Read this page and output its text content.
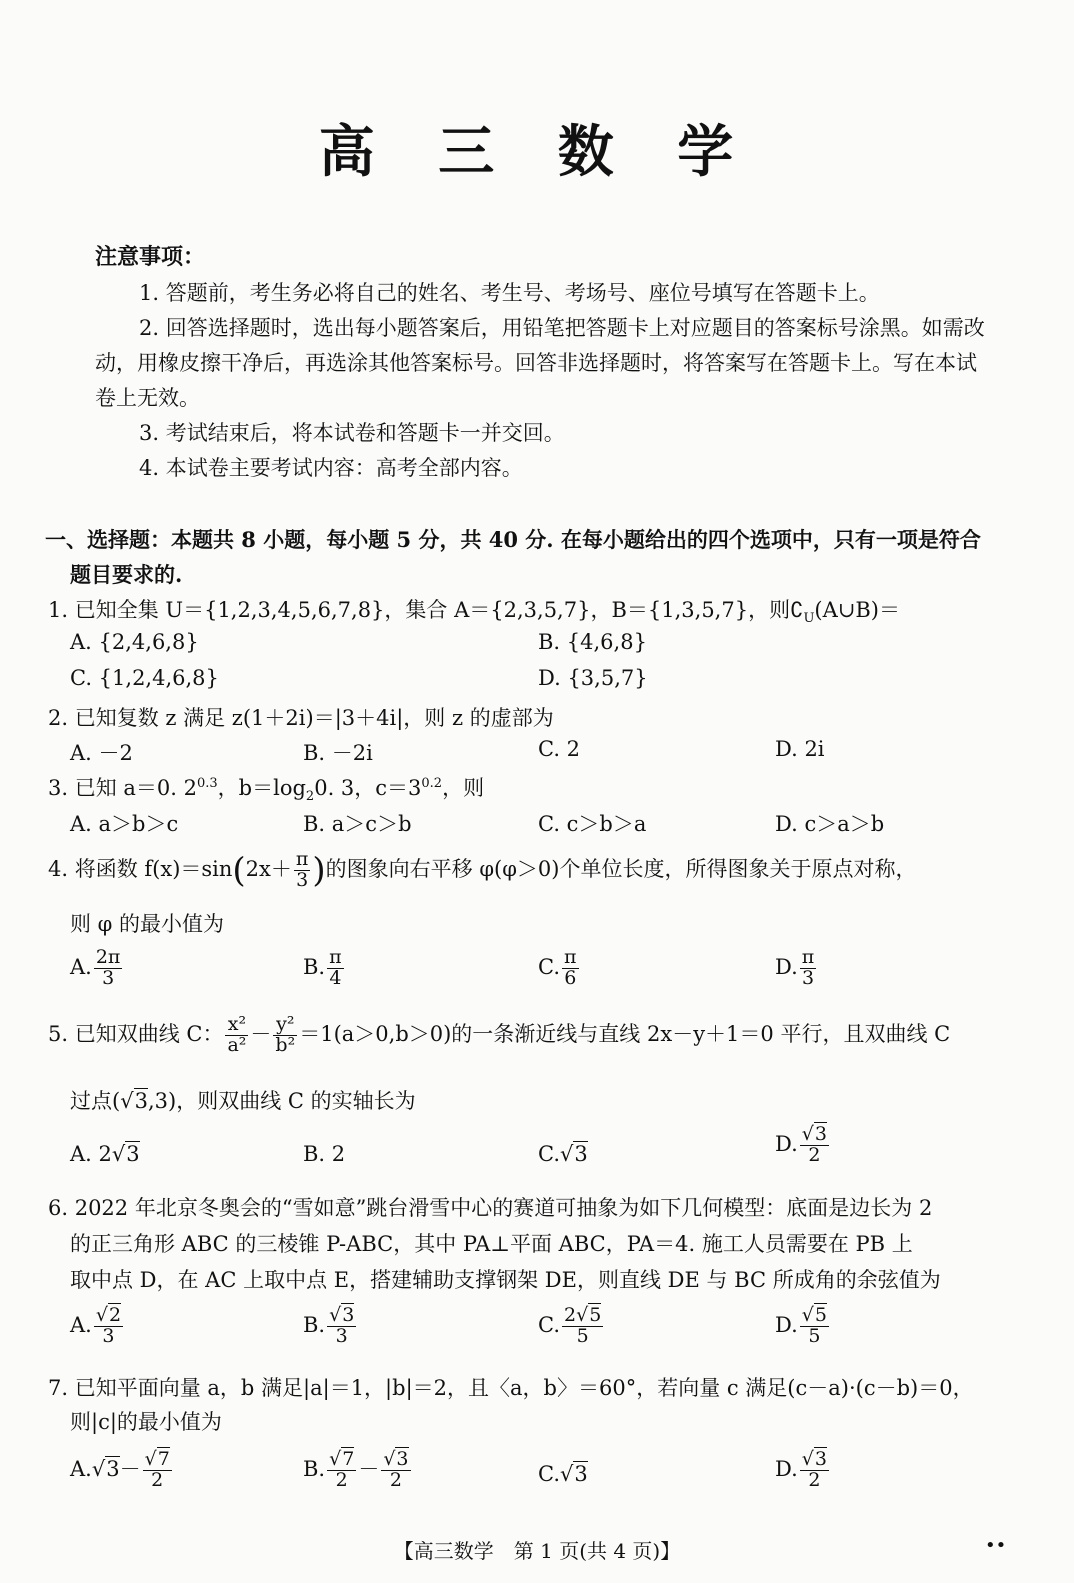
高 三 数 学
注意事项：
1. 答题前，考生务必将自己的姓名、考生号、考场号、座位号填写在答题卡上。
2. 回答选择题时，选出每小题答案后，用铅笔把答题卡上对应题目的答案标号涂黑。如需改动，用橡皮擦干净后，再选涂其他答案标号。回答非选择题时，将答案写在答题卡上。写在本试卷上无效。
3. 考试结束后，将本试卷和答题卡一并交回。
4. 本试卷主要考试内容：高考全部内容。
一、选择题：本题共 8 小题，每小题 5 分，共 40 分. 在每小题给出的四个选项中，只有一项是符合
题目要求的.
1. 已知全集 U＝{1,2,3,4,5,6,7,8}，集合 A＝{2,3,5,7}，B＝{1,3,5,7}，则$∁_U(A\cup B)=$
A. {2,4,6,8}	B. {4,6,8}
C. {1,2,4,6,8}	D. {3,5,7}
2. 已知复数 z 满足 z(1＋2i)＝|3＋4i|，则 z 的虚部为
A. －2	B. －2i	C. 2	D. 2i
3. 已知 a＝0. $2^{0.3}$，$b=\log_20$. 3，$c=3^{0.2}$，则
A. a＞b＞c	B. a＞c＞b	C. c＞b＞a	D. c＞a＞b
4. 将函数 $f(x)=\sin(2x+ \frac{\pi}{3}$ )的图象向右平移 φ(φ＞0)个单位长度，所得图象关于原点对称，
则 φ 的最小值为
A. $\frac{2\pi}{3}$	B. $\frac{\pi}{4}$	C. $\frac{\pi}{6}$	D. $\frac{\pi}{3}$
5. 已知双曲线 C： $\frac{\text{x²}}{\text{a²}} - \frac{\text{y²}}{\text{b²}} =1(a>0,b>0)$的一条渐近线与直线 2x－y＋1＝0 平行，且双曲线 C
过点(√3,3)，则双曲线 C 的实轴长为
A. 2√3	B. 2	C.√3	D. $\frac{√3}{2}$
6. 2022 年北京冬奥会的“雪如意”跳台滑雪中心的赛道可抽象为如下几何模型：底面是边长为 2
的正三角形 ABC 的三棱锥 P-ABC，其中 PA⊥平面 ABC，PA＝4. 施工人员需要在 PB 上
取中点 D，在 AC 上取中点 E，搭建辅助支撑钢架 DE，则直线 DE 与 BC 所成角的余弦值为
A. $\frac{√2}{3}$	B. $\frac{√3}{3}$	C. $\frac{2√5}{5}$	D. $\frac{√5}{5}$
7. 已知平面向量 a，b 满足|a|＝1，|b|＝2，且〈a，b〉＝60°，若向量 c 满足(c－a)·(c－b)＝0，
则|c|的最小值为
$A.√3- \frac{√7}{2}$	B. $\frac{√7}{2} - \frac{√3}{2}$	C.√3	D. $\frac{√3}{2}$
【高三数学　第 1 页(共 4 页)】	••
